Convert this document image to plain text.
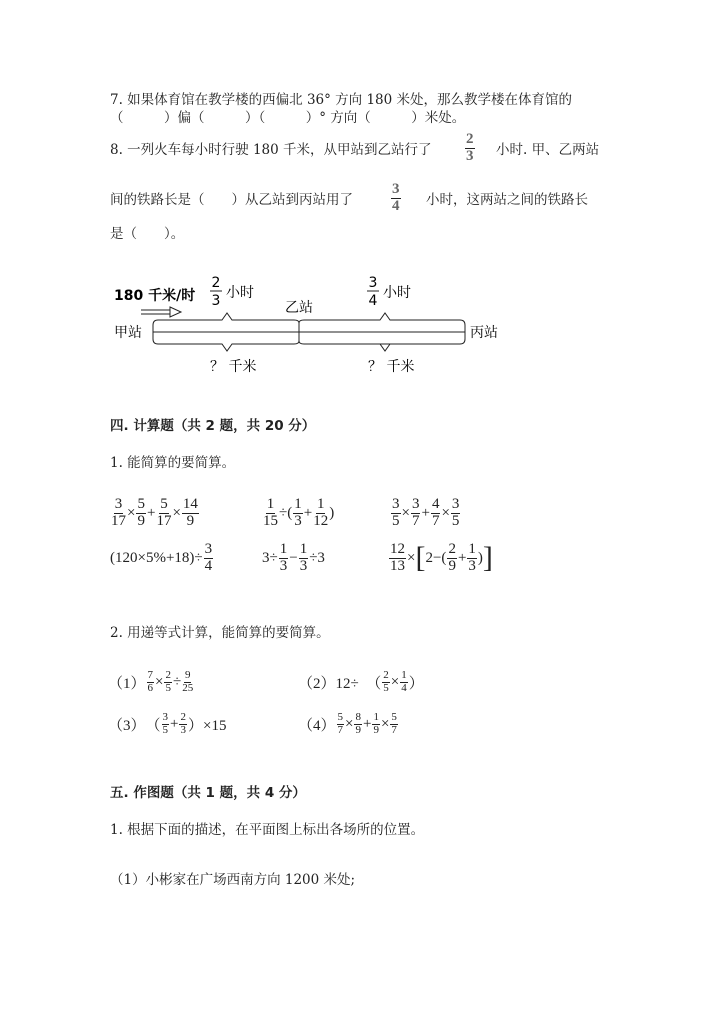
7. 如果体育馆在教学楼的西偏北 36° 方向 180 米处，那么教学楼在体育馆的
（　　　）偏（　　　）（　　　）° 方向（　　　）米处。
8. 一列火车每小时行驶 180 千米，从甲站到乙站行了 $\frac{2}{3}$ 小时. 甲、乙两站
间的铁路长是（　　）从乙站到丙站用了	$\frac{3}{4}$ 小时，这两站之间的铁路长
是（　　）。
180 千米/时
2
3 小时
3
4 小时
乙站
甲站	丙站
？ 千米	？ 千米
四. 计算题（共 2 题，共 20 分）
1. 能简算的要简算。
$\frac{3}{17} \times \frac{5}{9} + \frac{5}{17} \times \frac{14}{9}$	$\frac{1}{15}$ ÷( $\frac{1}{3} + \frac{1}{12}$ )	$\frac{3}{5} \times \frac{3}{7} + \frac{4}{7} \times \frac{3}{5}$
$(120\times 5\%+18)\div \frac{3}{4}$	$3\div \frac{1}{3} - \frac{1}{3} \div 3$	$\frac{12}{13}$ × [ $2-( \frac{2}{9} + \frac{1}{3}$ ) ]
2. 用递等式计算，能简算的要简算。
$(1) \frac{7}{6} \times \frac{2}{5} \div \frac{9}{25}$	（2）12÷　（ $\frac{2}{5} \times \frac{1}{4}$ ）
（3）　（ $\frac{3}{5} + \frac{2}{3} )\times 15$	$(4) \frac{5}{7} \times \frac{8}{9} + \frac{1}{9} \times \frac{5}{7}$
五. 作图题（共 1 题，共 4 分）
1. 根据下面的描述，在平面图上标出各场所的位置。
（1）小彬家在广场西南方向 1200 米处;
